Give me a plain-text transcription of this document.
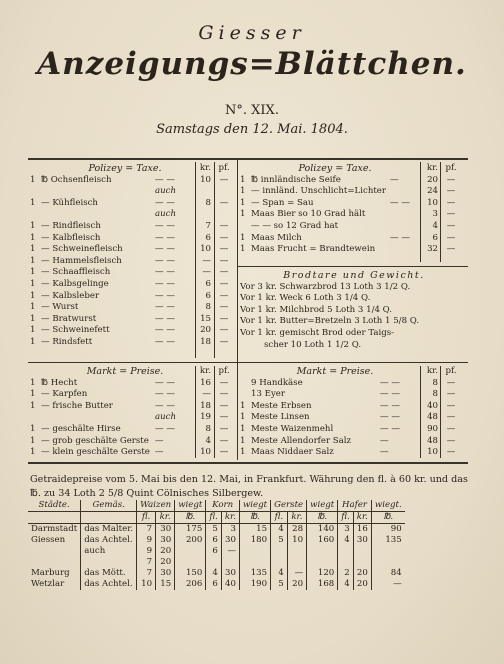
Giesser
Anzeigungs=Blättchen.
N°. XIX.
Samstags den 12. Mai. 1804.
Polizey = Taxe.	kr. pf.
1 ℔ Ochsenfleisch	— —	10	—
auch
1 — Kühfleisch	— —	8	—
auch
1 — Rindfleisch	— —	7	—
1 — Kalbfleisch	— —	6	—
1 — Schweinefleisch	— —	10	—
1 — Hammelsfleisch	— —	—	—
1 — Schaaffleisch	— —	—	—
1 — Kalbsgelinge	— —	6	—
1 — Kalbsleber	— —	6	—
1 — Wurst	— —	8	—
1 — Bratwurst	— —	15	—
1 — Schweinefett	— —	20	—
1 — Rindsfett	— —	18	—
Polizey = Taxe.	kr. pf.
1 ℔ innländische Seife	—	20	—
1 — innländ. Unschlicht=Lichter	24	—
1 — Span = Sau	— —	10	—
1 Maas Bier so 10 Grad hält	3	—
— — so 12 Grad hat	4	—
1 Maas Milch	— —	6	—
1 Maas Frucht = Brandtewein	32	—
Brodtare und Gewicht.
Vor 3 kr. Schwarzbrod 13 Loth 3 1/2 Q.
Vor 1 kr. Weck 6 Loth 3 1/4 Q.
Vor 1 kr. Milchbrod 5 Loth 3 1/4 Q.
Vor 1 kr. Butter=Bretzeln 3 Loth 1 5/8 Q.
Vor 1 kr. gemischt Brod oder Taigs-
scher 10 Loth 1 1/2 Q.
Markt = Preise.	kr. pf.
1 ℔ Hecht	— —	16	—
1 — Karpfen	— —	—	—
1 — frische Butter	— —	18	—
auch	19	—
1 — geschälte Hirse	— —	8	—
1 — grob geschälte Gerste —	4	—
1 — klein geschälte Gerste —	10	—
Markt = Preise.	kr. pf.
9 Handkäse	— —	8	—
13 Eyer	— —	8	—
1 Meste Erbsen	— —	40	—
1 Meste Linsen	— —	48	—
1 Meste Waizenmehl	— —	90	—
1 Meste Allendorfer Salz	—	48	—
1 Maas Niddaer Salz	—	10	—
Getraidepreise vom 5. Mai bis den 12. Mai, in Frankfurt. Währung den fl. à 60 kr. und das ℔. zu 34 Loth 2 5/8 Quint Cölnisches Silbergew.
Städte.	Gemäs.	Waizen		wiegt	Korn		wiegt	Gerste		wiegt	Hafer		wiegt.
		fl.	kr.	℔.	fl.	kr.	℔.	fl.	kr.	℔.	fl.	kr.	℔.
Darmstadt	das Malter.	7	30	175	5	3	15	4	28	140	3	16	90
Giessen	das Achtel.	9	30	200	6	30	180	5	10	160	4	30	135
	auch	9	20		6	—							
		7	20										
Marburg	das Mött.	7	30	150	4	30	135	4	—	120	2	20	84
Wetzlar	das Achtel.	10	15	206	6	40	190	5	20	168	4	20	—
